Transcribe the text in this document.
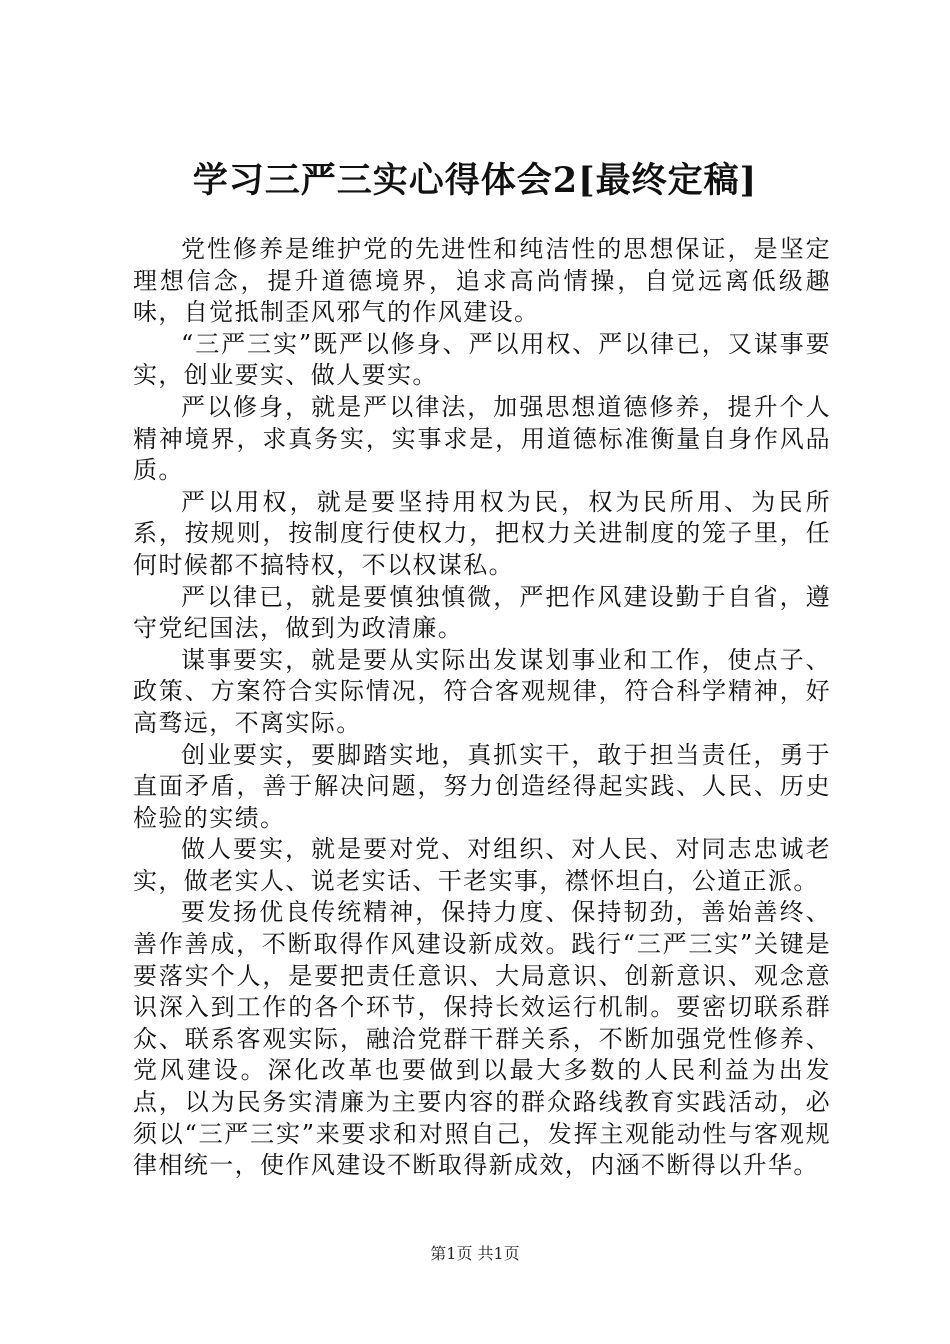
学习三严三实心得体会2[最终定稿]

党性修养是维护党的先进性和纯洁性的思想保证，是坚定理想信念，提升道德境界，追求高尚情操，自觉远离低级趣味，自觉抵制歪风邪气的作风建设。

“三严三实”既严以修身、严以用权、严以律已，又谋事要实，创业要实、做人要实。

严以修身，就是严以律法，加强思想道德修养，提升个人精神境界，求真务实，实事求是，用道德标准衡量自身作风品质。

严以用权，就是要坚持用权为民，权为民所用、为民所系，按规则，按制度行使权力，把权力关进制度的笼子里，任何时候都不搞特权，不以权谋私。

严以律已，就是要慎独慎微，严把作风建设勤于自省，遵守党纪国法，做到为政清廉。

谋事要实，就是要从实际出发谋划事业和工作，使点子、政策、方案符合实际情况，符合客观规律，符合科学精神，好高骛远，不离实际。

创业要实，要脚踏实地，真抓实干，敢于担当责任，勇于直面矛盾，善于解决问题，努力创造经得起实践、人民、历史检验的实绩。

做人要实，就是要对党、对组织、对人民、对同志忠诚老实，做老实人、说老实话、干老实事，襟怀坦白，公道正派。

要发扬优良传统精神，保持力度、保持韧劲，善始善终、善作善成，不断取得作风建设新成效。践行“三严三实”关键是要落实个人，是要把责任意识、大局意识、创新意识、观念意识深入到工作的各个环节，保持长效运行机制。要密切联系群众、联系客观实际，融洽党群干群关系，不断加强党性修养、党风建设。深化改革也要做到以最大多数的人民利益为出发点，以为民务实清廉为主要内容的群众路线教育实践活动，必须以“三严三实”来要求和对照自己，发挥主观能动性与客观规律相统一，使作风建设不断取得新成效，内涵不断得以升华。

第1页 共1页
